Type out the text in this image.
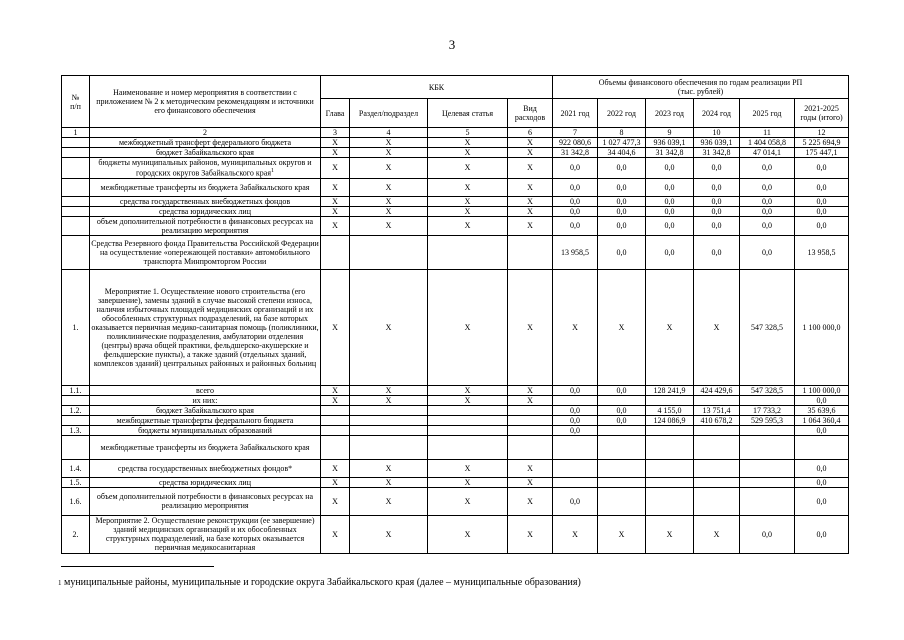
3
№
п/п	Наименование и номер мероприятия в соответствии с приложением № 2 к методическим рекомендациям и источники его финансового обеспечения	КБК				Объемы финансового обеспечения по годам реализации РП
(тыс. рублей)					
		Глава	Раздел/подраздел	Целевая статья	Вид расходов	2021 год	2022 год	2023 год	2024 год	2025 год	2021-2025 годы (итого)
1	2	3	4	5	6	7	8	9	10	11	12
	межбюджетный трансферт федерального бюджета	X	X	X	X	922 080,6	1 027 477,3	936 039,1	936 039,1	1 404 058,8	5 225 694,9
	бюджет Забайкальского края	X	X	X	X	31 342,8	34 404,6	31 342,8	31 342,8	47 014,1	175 447,1
	бюджеты муниципальных районов, муниципальных округов и городских округов Забайкальского края$^1$	X	X	X	X	0,0	0,0	0,0	0,0	0,0	0,0
	межбюджетные трансферты из бюджета Забайкальского края	X	X	X	X	0,0	0,0	0,0	0,0	0,0	0,0
	средства государственных внебюджетных фондов	X	X	X	X	0,0	0,0	0,0	0,0	0,0	0,0
	средства юридических лиц	X	X	X	X	0,0	0,0	0,0	0,0	0,0	0,0
	объем дополнительной потребности в финансовых ресурсах на реализацию мероприятия	X	X	X	X	0,0	0,0	0,0	0,0	0,0	0,0
	Средства Резервного фонда Правительства Российской Федерации на осуществление «опережающей поставки» автомобильного транспорта Минпромторгом России					13 958,5	0,0	0,0	0,0	0,0	13 958,5
1.	Мероприятие 1. Осуществление нового строительства (его завершение), замены зданий в случае высокой степени износа, наличия избыточных площадей медицинских организаций и их обособленных структурных подразделений, на базе которых оказывается первичная медико-санитарная помощь (поликлиники, поликлинические подразделения, амбулатории отделения (центры) врача общей практики, фельдшерско-акушерские и фельдшерские пункты), а также зданий (отдельных зданий, комплексов зданий) центральных районных и районных больниц	X	X	X	X	X	X	X	X	547 328,5	1 100 000,0
1.1.	всего	X	X	X	X	0,0	0,0	128 241,9	424 429,6	547 328,5	1 100 000,0
	их них:	X	X	X	X						0,0
1.2.	бюджет Забайкальского края					0,0	0,0	4 155,0	13 751,4	17 733,2	35 639,6
	межбюджетные трансферты федерального бюджета					0,0	0,0	124 086,9	410 678,2	529 595,3	1 064 360,4
1.3.	бюджеты муниципальных образований					0,0					0,0
	межбюджетные трансферты из бюджета Забайкальского края										
1.4.	средства государственных внебюджетных фондов*	X	X	X	X						0,0
1.5.	средства юридических лиц	X	X	X	X						0,0
1.6.	объем дополнительной потребности в финансовых ресурсах на реализацию мероприятия	X	X	X	X	0,0					0,0
2.	Мероприятие 2. Осуществление реконструкции (ее завершение) зданий медицинских организаций и их обособленных структурных подразделений, на базе которых оказывается первичная медикосанитарная	X	X	X	X	X	X	X	X	0,0	0,0
$^1$ муниципальные районы, муниципальные и городские округа Забайкальского края (далее – муниципальные образования)
